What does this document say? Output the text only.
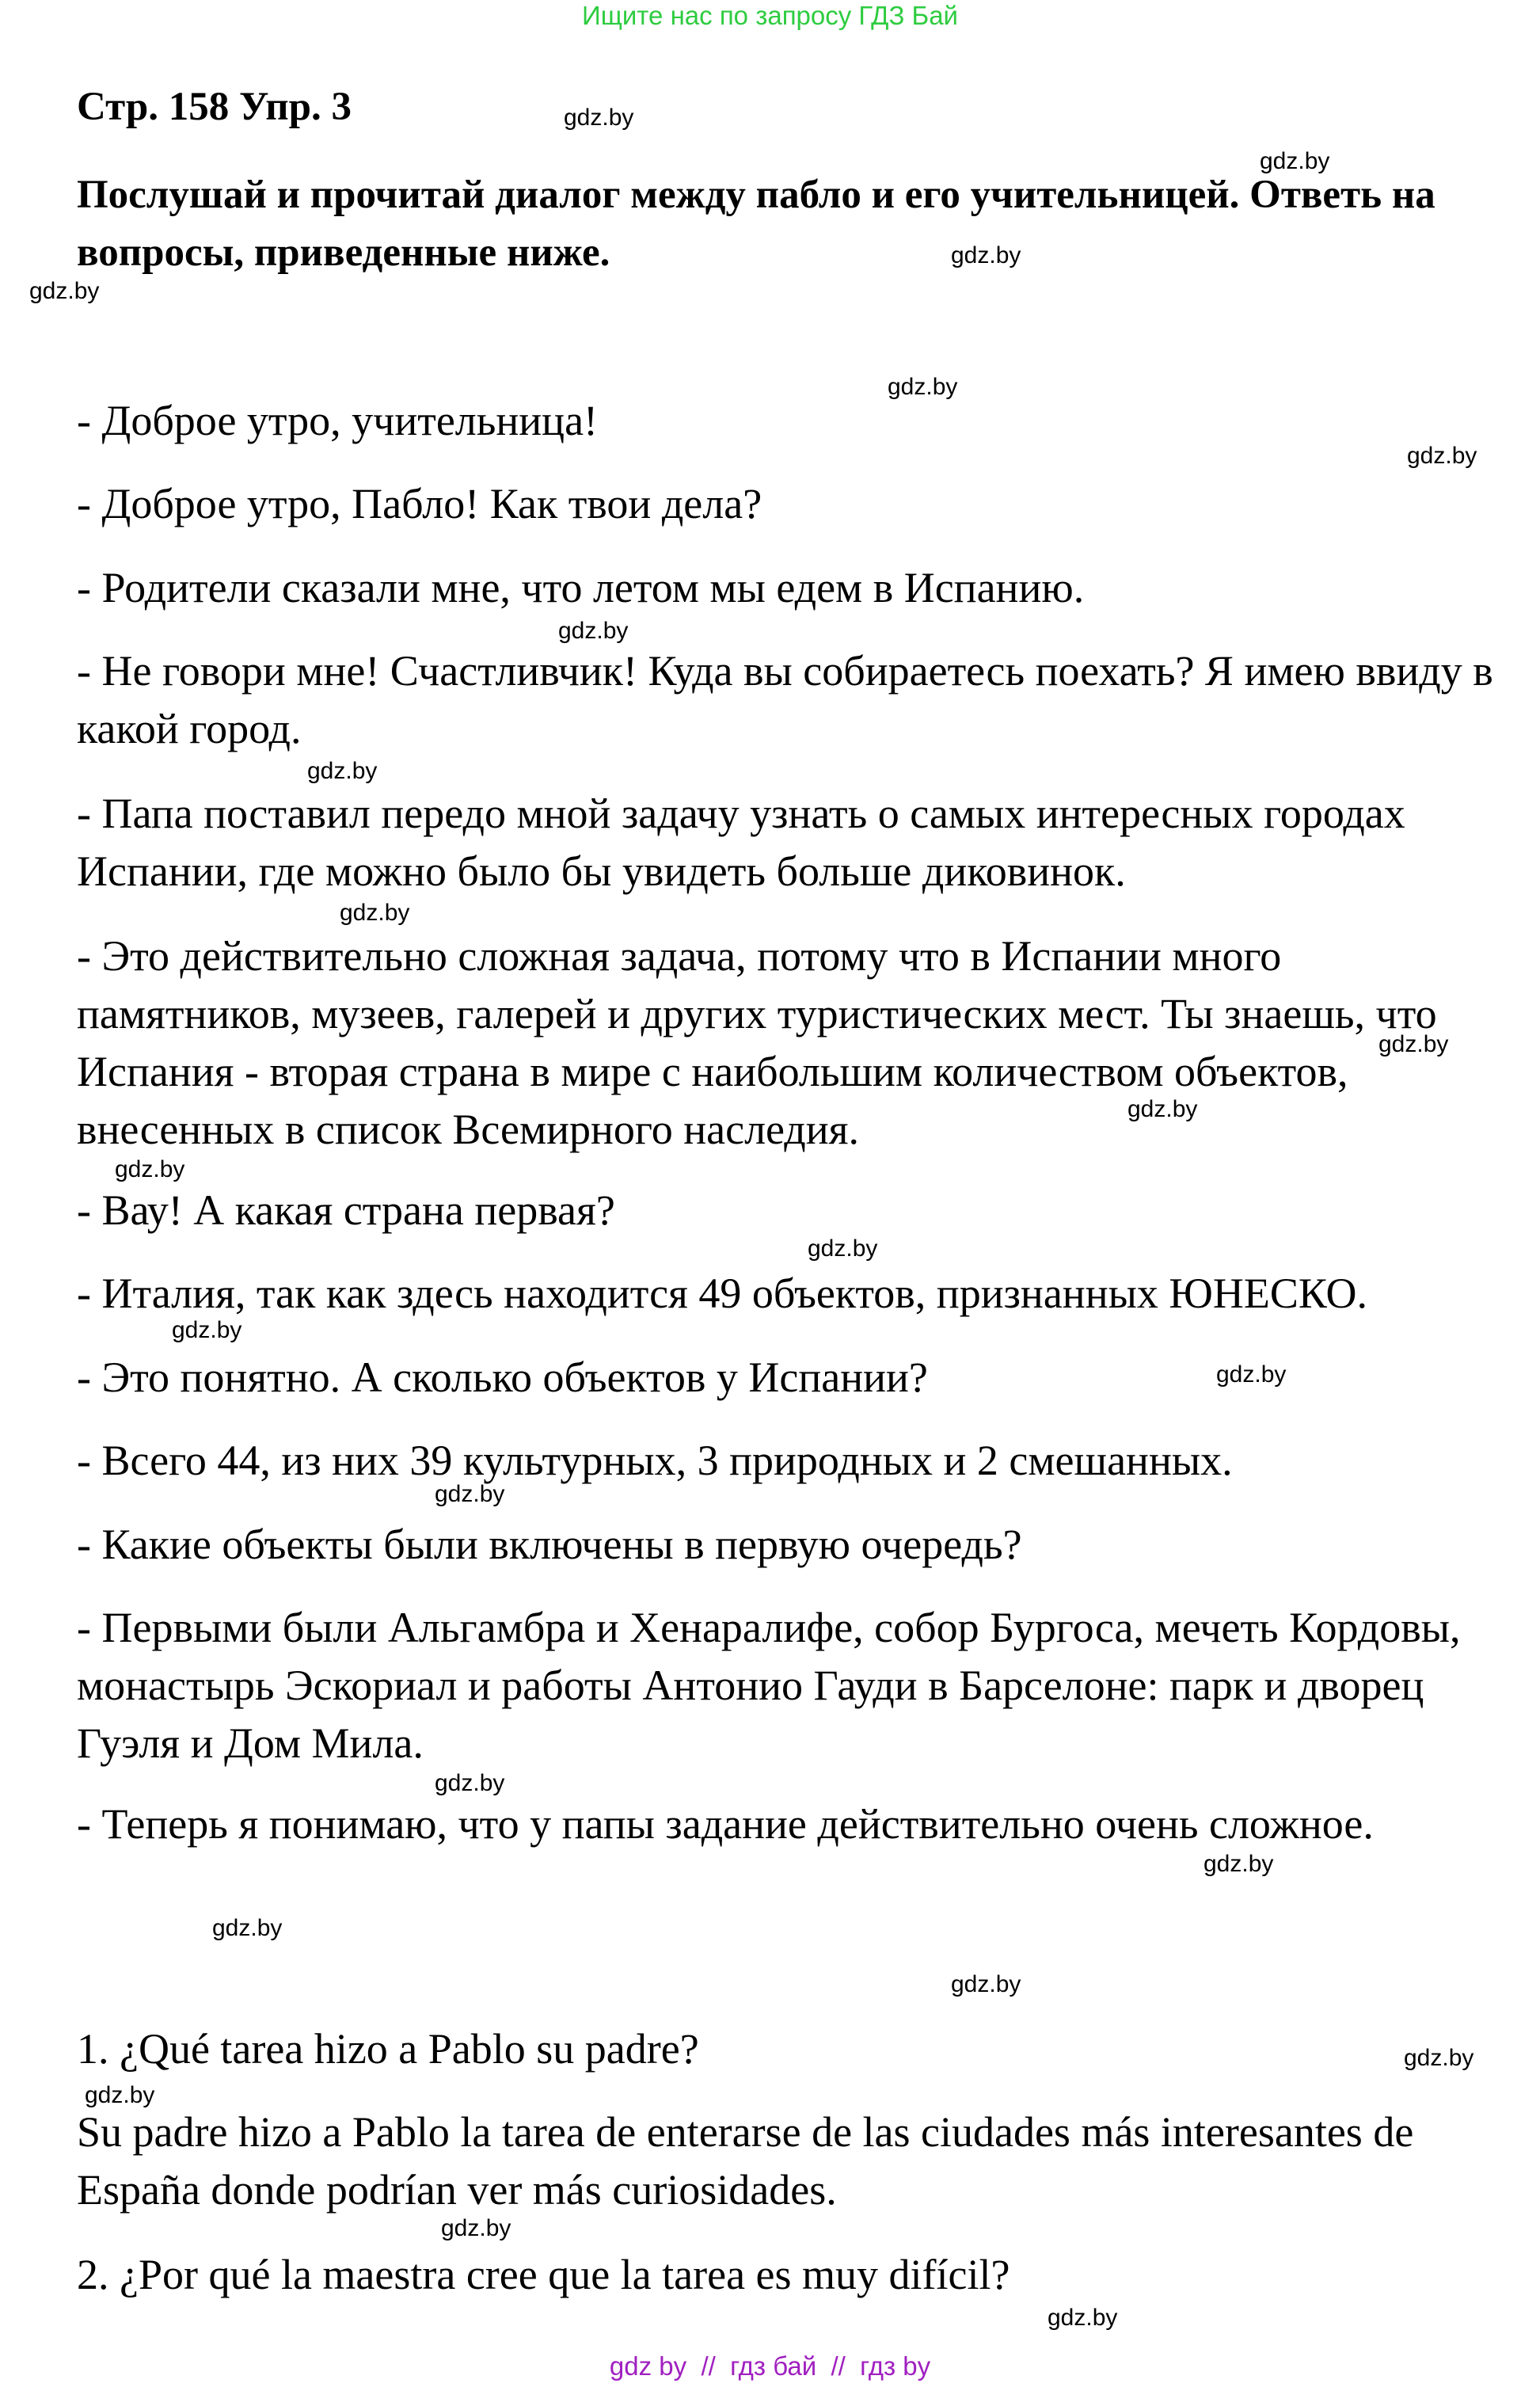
Ищите нас по запросу ГДЗ Бай
Стр. 158 Упр. 3
Послушай и прочитай диалог между пабло и его учительницей. Ответь на вопросы, приведенные ниже.
- Доброе утро, учительница!
- Доброе утро, Пабло! Как твои дела?
- Родители сказали мне, что летом мы едем в Испанию.
- Не говори мне! Счастливчик! Куда вы собираетесь поехать? Я имею ввиду в какой город.
- Папа поставил передо мной задачу узнать о самых интересных городах Испании, где можно было бы увидеть больше диковинок.
- Это действительно сложная задача, потому что в Испании много памятников, музеев, галерей и других туристических мест. Ты знаешь, что Испания - вторая страна в мире с наибольшим количеством объектов, внесенных в список Всемирного наследия.
- Вау! А какая страна первая?
- Италия, так как здесь находится 49 объектов, признанных ЮНЕСКО.
- Это понятно. А сколько объектов у Испании?
- Всего 44, из них 39 культурных, 3 природных и 2 смешанных.
- Какие объекты были включены в первую очередь?
- Первыми были Альгамбра и Хенаралифе, собор Бургоса, мечеть Кордовы, монастырь Эскориал и работы Антонио Гауди в Барселоне: парк и дворец Гуэля и Дом Мила.
- Теперь я понимаю, что у папы задание действительно очень сложное.
1. ¿Qué tarea hizo a Pablo su padre?
Su padre hizo a Pablo la tarea de enterarse de las ciudades más interesantes de España donde podrían ver más curiosidades.
2. ¿Por qué la maestra cree que la tarea es muy difícil?
gdz.by
gdz.by
gdz.by
gdz.by
gdz.by
gdz.by
gdz.by
gdz.by
gdz.by
gdz.by
gdz.by
gdz.by
gdz.by
gdz.by
gdz.by
gdz.by
gdz.by
gdz.by
gdz.by
gdz.by
gdz.by
gdz.by
gdz.by
gdz.by
gdz by  //  гдз бай  //  гдз by
